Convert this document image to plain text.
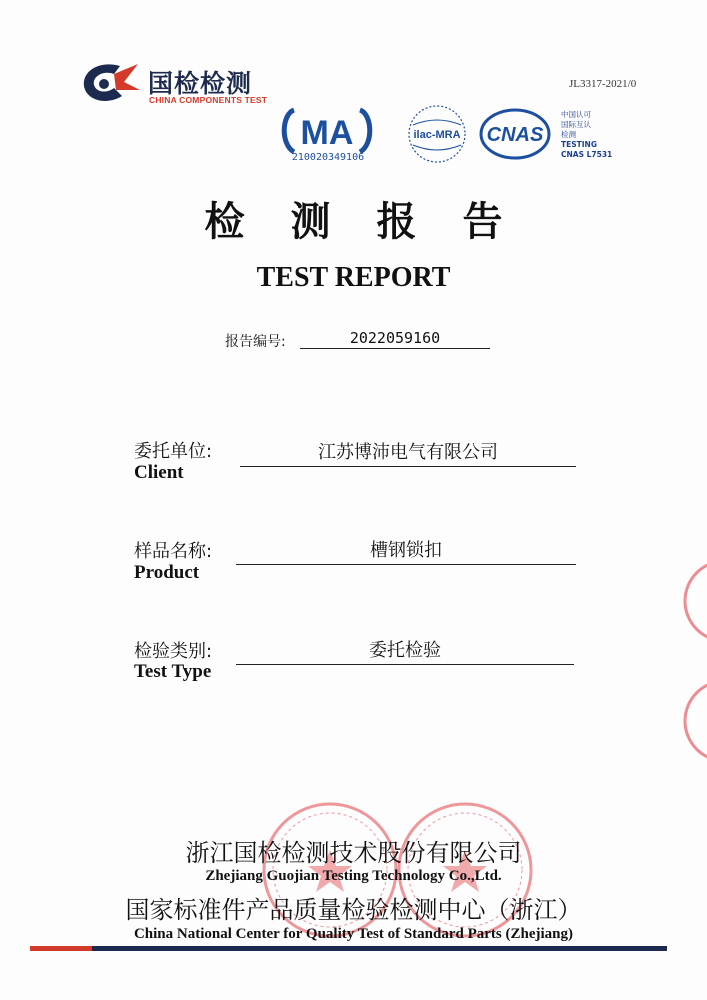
国检检测
CHINA COMPONENTS TEST
JL3317-2021/0
MA
210020349106
ilac-MRA CNAS
中国认可
国际互认
检测
TESTING
CNAS L7531
检测报告
TEST REPORT
报告编号:	2022059160
委托单位:	江苏博沛电气有限公司
Client
样品名称:	槽钢锁扣
Product
检验类别:	委托检验
Test Type
浙江国检检测技术股份有限公司
Zhejiang Guojian Testing Technology Co.,Ltd.
国家标准件产品质量检验检测中心（浙江）
China National Center for Quality Test of Standard Parts (Zhejiang)
